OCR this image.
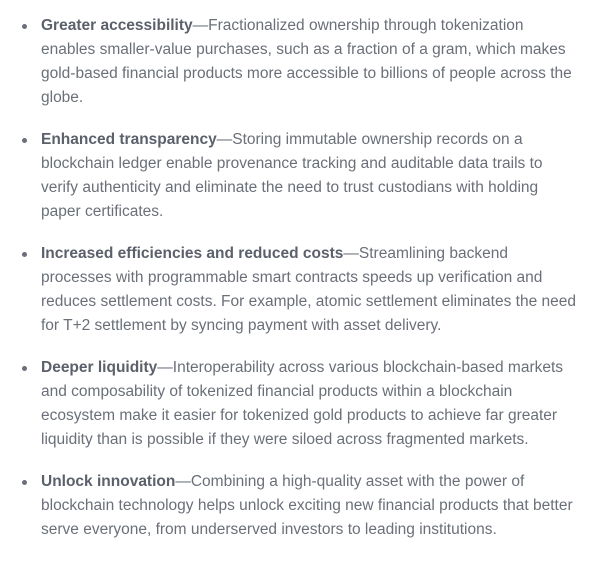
Greater accessibility—Fractionalized ownership through tokenization enables smaller-value purchases, such as a fraction of a gram, which makes gold-based financial products more accessible to billions of people across the globe.
Enhanced transparency—Storing immutable ownership records on a blockchain ledger enable provenance tracking and auditable data trails to verify authenticity and eliminate the need to trust custodians with holding paper certificates.
Increased efficiencies and reduced costs—Streamlining backend processes with programmable smart contracts speeds up verification and reduces settlement costs. For example, atomic settlement eliminates the need for T+2 settlement by syncing payment with asset delivery.
Deeper liquidity—Interoperability across various blockchain-based markets and composability of tokenized financial products within a blockchain ecosystem make it easier for tokenized gold products to achieve far greater liquidity than is possible if they were siloed across fragmented markets.
Unlock innovation—Combining a high-quality asset with the power of blockchain technology helps unlock exciting new financial products that better serve everyone, from underserved investors to leading institutions.
